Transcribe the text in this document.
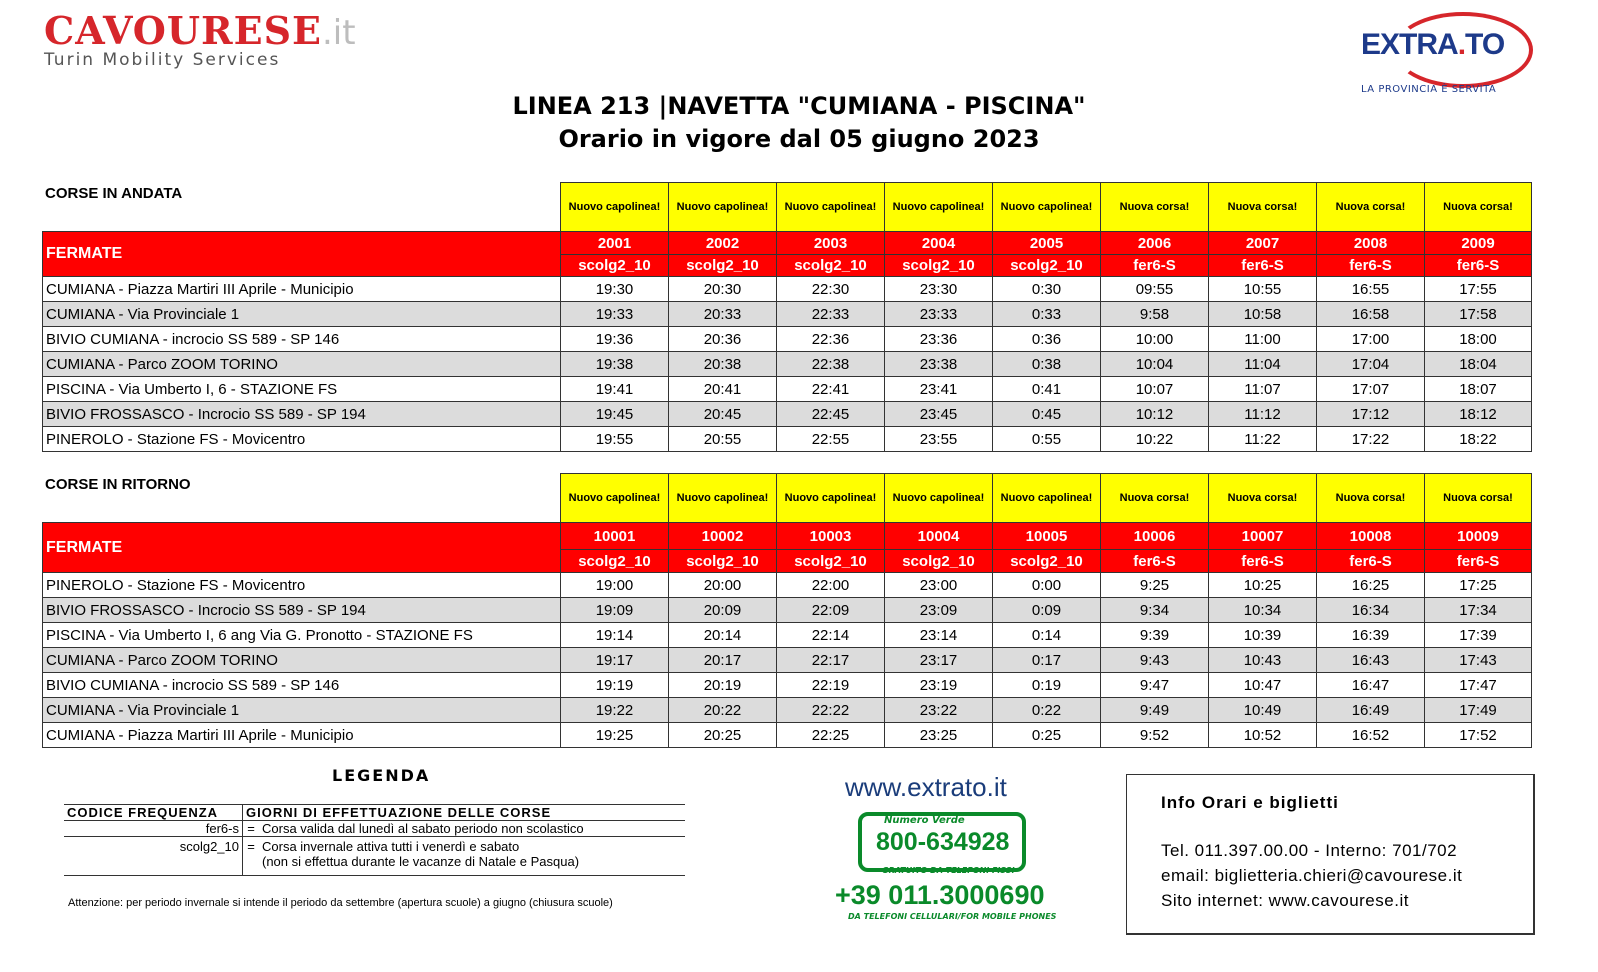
CAVOURESE.it
Turin Mobility Services	EXTRA.TO
LA PROVINCIA È SERVITA
LINEA 213 |NAVETTA "CUMIANA - PISCINA"
Orario in vigore dal 05 giugno 2023
CORSE IN ANDATA
CORSE IN RITORNO
	Nuovo capolinea!	Nuovo capolinea!	Nuovo capolinea!	Nuovo capolinea!	Nuovo capolinea!	Nuova corsa!	Nuova corsa!	Nuova corsa!	Nuova corsa!
FERMATE	2001	2002	2003	2004	2005	2006	2007	2008	2009
	scolg2_10	scolg2_10	scolg2_10	scolg2_10	scolg2_10	fer6-S	fer6-S	fer6-S	fer6-S
CUMIANA - Piazza Martiri III Aprile - Municipio	19:30	20:30	22:30	23:30	0:30	09:55	10:55	16:55	17:55
CUMIANA - Via Provinciale 1	19:33	20:33	22:33	23:33	0:33	9:58	10:58	16:58	17:58
BIVIO CUMIANA - incrocio SS 589 - SP 146	19:36	20:36	22:36	23:36	0:36	10:00	11:00	17:00	18:00
CUMIANA - Parco ZOOM TORINO	19:38	20:38	22:38	23:38	0:38	10:04	11:04	17:04	18:04
PISCINA - Via Umberto I, 6 - STAZIONE FS	19:41	20:41	22:41	23:41	0:41	10:07	11:07	17:07	18:07
BIVIO FROSSASCO - Incrocio SS 589 - SP 194	19:45	20:45	22:45	23:45	0:45	10:12	11:12	17:12	18:12
PINEROLO - Stazione FS - Movicentro	19:55	20:55	22:55	23:55	0:55	10:22	11:22	17:22	18:22
	Nuovo capolinea!	Nuovo capolinea!	Nuovo capolinea!	Nuovo capolinea!	Nuovo capolinea!	Nuova corsa!	Nuova corsa!	Nuova corsa!	Nuova corsa!
FERMATE	10001	10002	10003	10004	10005	10006	10007	10008	10009
	scolg2_10	scolg2_10	scolg2_10	scolg2_10	scolg2_10	fer6-S	fer6-S	fer6-S	fer6-S
PINEROLO - Stazione FS - Movicentro	19:00	20:00	22:00	23:00	0:00	9:25	10:25	16:25	17:25
BIVIO FROSSASCO - Incrocio SS 589 - SP 194	19:09	20:09	22:09	23:09	0:09	9:34	10:34	16:34	17:34
PISCINA - Via Umberto I, 6 ang Via G. Pronotto - STAZIONE FS	19:14	20:14	22:14	23:14	0:14	9:39	10:39	16:39	17:39
CUMIANA - Parco ZOOM TORINO	19:17	20:17	22:17	23:17	0:17	9:43	10:43	16:43	17:43
BIVIO CUMIANA - incrocio SS 589 - SP 146	19:19	20:19	22:19	23:19	0:19	9:47	10:47	16:47	17:47
CUMIANA - Via Provinciale 1	19:22	20:22	22:22	23:22	0:22	9:49	10:49	16:49	17:49
CUMIANA - Piazza Martiri III Aprile - Municipio	19:25	20:25	22:25	23:25	0:25	9:52	10:52	16:52	17:52
LEGENDA
CODICE FREQUENZA	GIORNI DI EFFETTUAZIONE DELLE CORSE	
fer6-s	=	Corsa valida dal lunedì al sabato periodo non scolastico
scolg2_10	=	Corsa invernale attiva tutti i venerdì e sabato
(non si effettua durante le vacanze di Natale e Pasqua)
Attenzione: per periodo invernale si intende il periodo da settembre (apertura scuole) a giugno (chiusura scuole)
www.extrato.it
Numero Verde
800-634928
GRATUITO DA TELEFONI FISSI
+39 011.3000690
DA TELEFONI CELLULARI/FOR MOBILE PHONES
Info Orari e biglietti
Tel. 011.397.00.00 - Interno: 701/702
email: biglietteria.chieri@cavourese.it
Sito internet: www.cavourese.it
